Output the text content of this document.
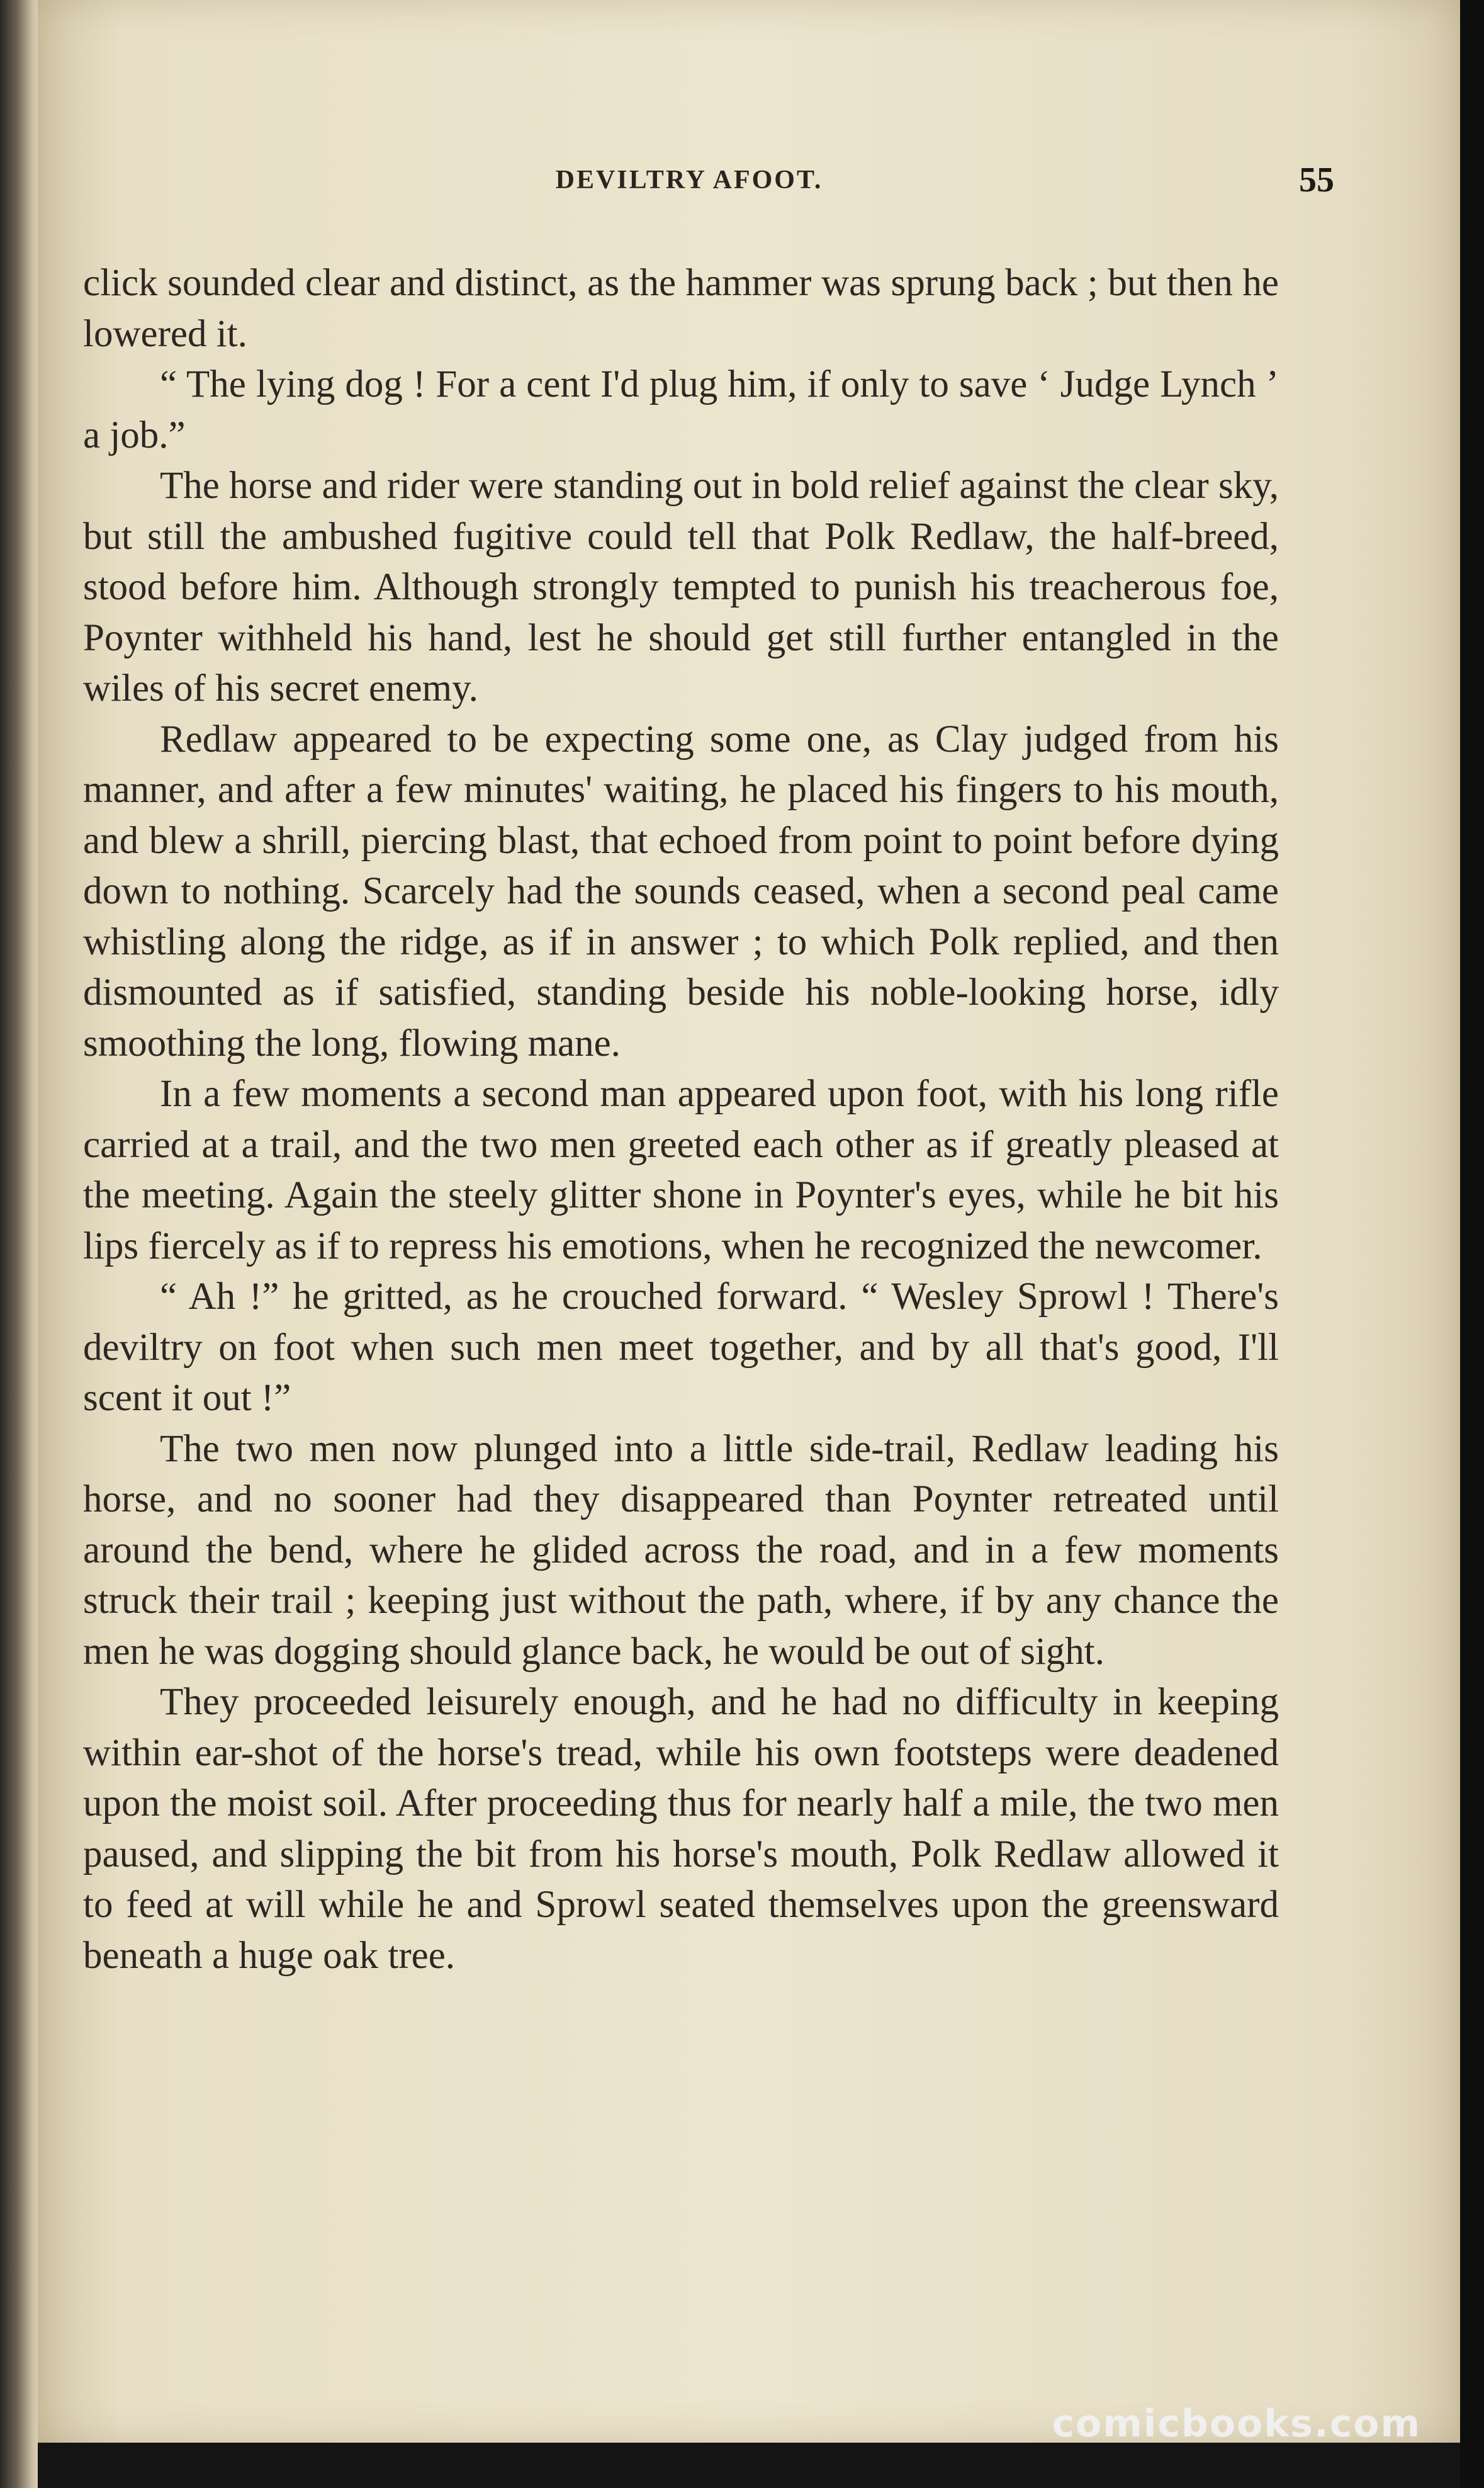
DEVILTRY AFOOT.	55

click sounded clear and distinct, as the hammer was sprung back ; but then he lowered it.

“ The lying dog ! For a cent I'd plug him, if only to save ‘ Judge Lynch ’ a job.”

The horse and rider were standing out in bold relief against the clear sky, but still the ambushed fugitive could tell that Polk Redlaw, the half-breed, stood before him. Although strongly tempted to punish his treacherous foe, Poynter withheld his hand, lest he should get still further entangled in the wiles of his secret enemy.

Redlaw appeared to be expecting some one, as Clay judged from his manner, and after a few minutes' waiting, he placed his fingers to his mouth, and blew a shrill, piercing blast, that echoed from point to point before dying down to nothing. Scarcely had the sounds ceased, when a second peal came whistling along the ridge, as if in answer ; to which Polk replied, and then dismounted as if satisfied, standing beside his noble-looking horse, idly smoothing the long, flowing mane.

In a few moments a second man appeared upon foot, with his long rifle carried at a trail, and the two men greeted each other as if greatly pleased at the meeting. Again the steely glitter shone in Poynter's eyes, while he bit his lips fiercely as if to repress his emotions, when he recognized the newcomer.

“ Ah !” he gritted, as he crouched forward. “ Wesley Sprowl ! There's deviltry on foot when such men meet together, and by all that's good, I'll scent it out !”

The two men now plunged into a little side-trail, Redlaw leading his horse, and no sooner had they disappeared than Poynter retreated until around the bend, where he glided across the road, and in a few moments struck their trail ; keeping just without the path, where, if by any chance the men he was dogging should glance back, he would be out of sight.

They proceeded leisurely enough, and he had no difficulty in keeping within ear-shot of the horse's tread, while his own footsteps were deadened upon the moist soil. After proceeding thus for nearly half a mile, the two men paused, and slipping the bit from his horse's mouth, Polk Redlaw allowed it to feed at will while he and Sprowl seated themselves upon the greensward beneath a huge oak tree.

comicbooks.com
